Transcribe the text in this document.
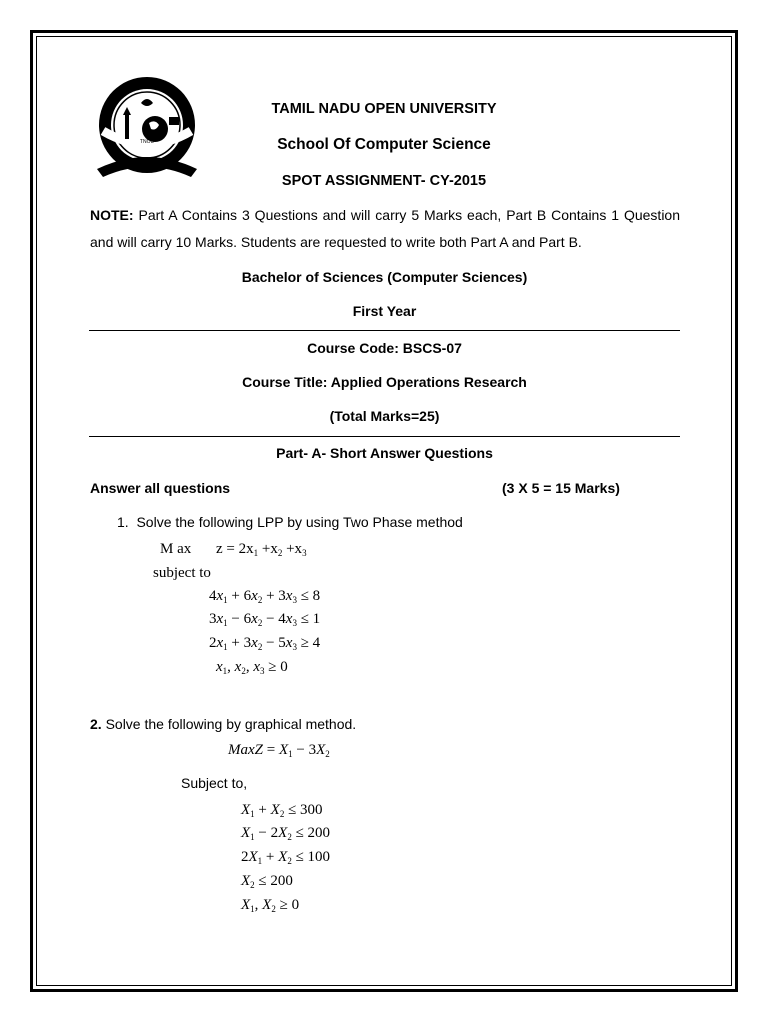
TNOU
TAMIL NADU OPEN UNIVERSITY
School Of Computer Science
SPOT ASSIGNMENT- CY-2015
NOTE: Part A Contains 3 Questions and will carry 5 Marks each, Part B Contains 1 Question and will carry 10 Marks. Students are requested to write both Part A and Part B.
Bachelor of Sciences (Computer Sciences)
First Year
Course Code: BSCS-07
Course Title: Applied Operations Research
(Total Marks=25)
Part- A- Short Answer Questions
Answer all questions	(3 X 5 = 15 Marks)
1. Solve the following LPP by using Two Phase method
M ax $z = 2x_1 +x_2 +x_3$
subject to
$4x_1 + 6x_2 + 3x_3 \le 8$
$3x_1 - 6x_2 - 4x_3 \le 1$
$2x_1 + 3x_2 - 5x_3 \ge 4$
$x_1$, $x_2$, $x_3 \ge 0$
2. Solve the following by graphical method.
MaxZ = $X_1 - 3X_2$
Subject to,
$X_1 + X_2 \le 300$
$X_1 - 2X_2 \le 200$
$2X_1 + X_2 \le 100$
$X_2 \le 200$
$X_1$, $X_2 \ge 0$
